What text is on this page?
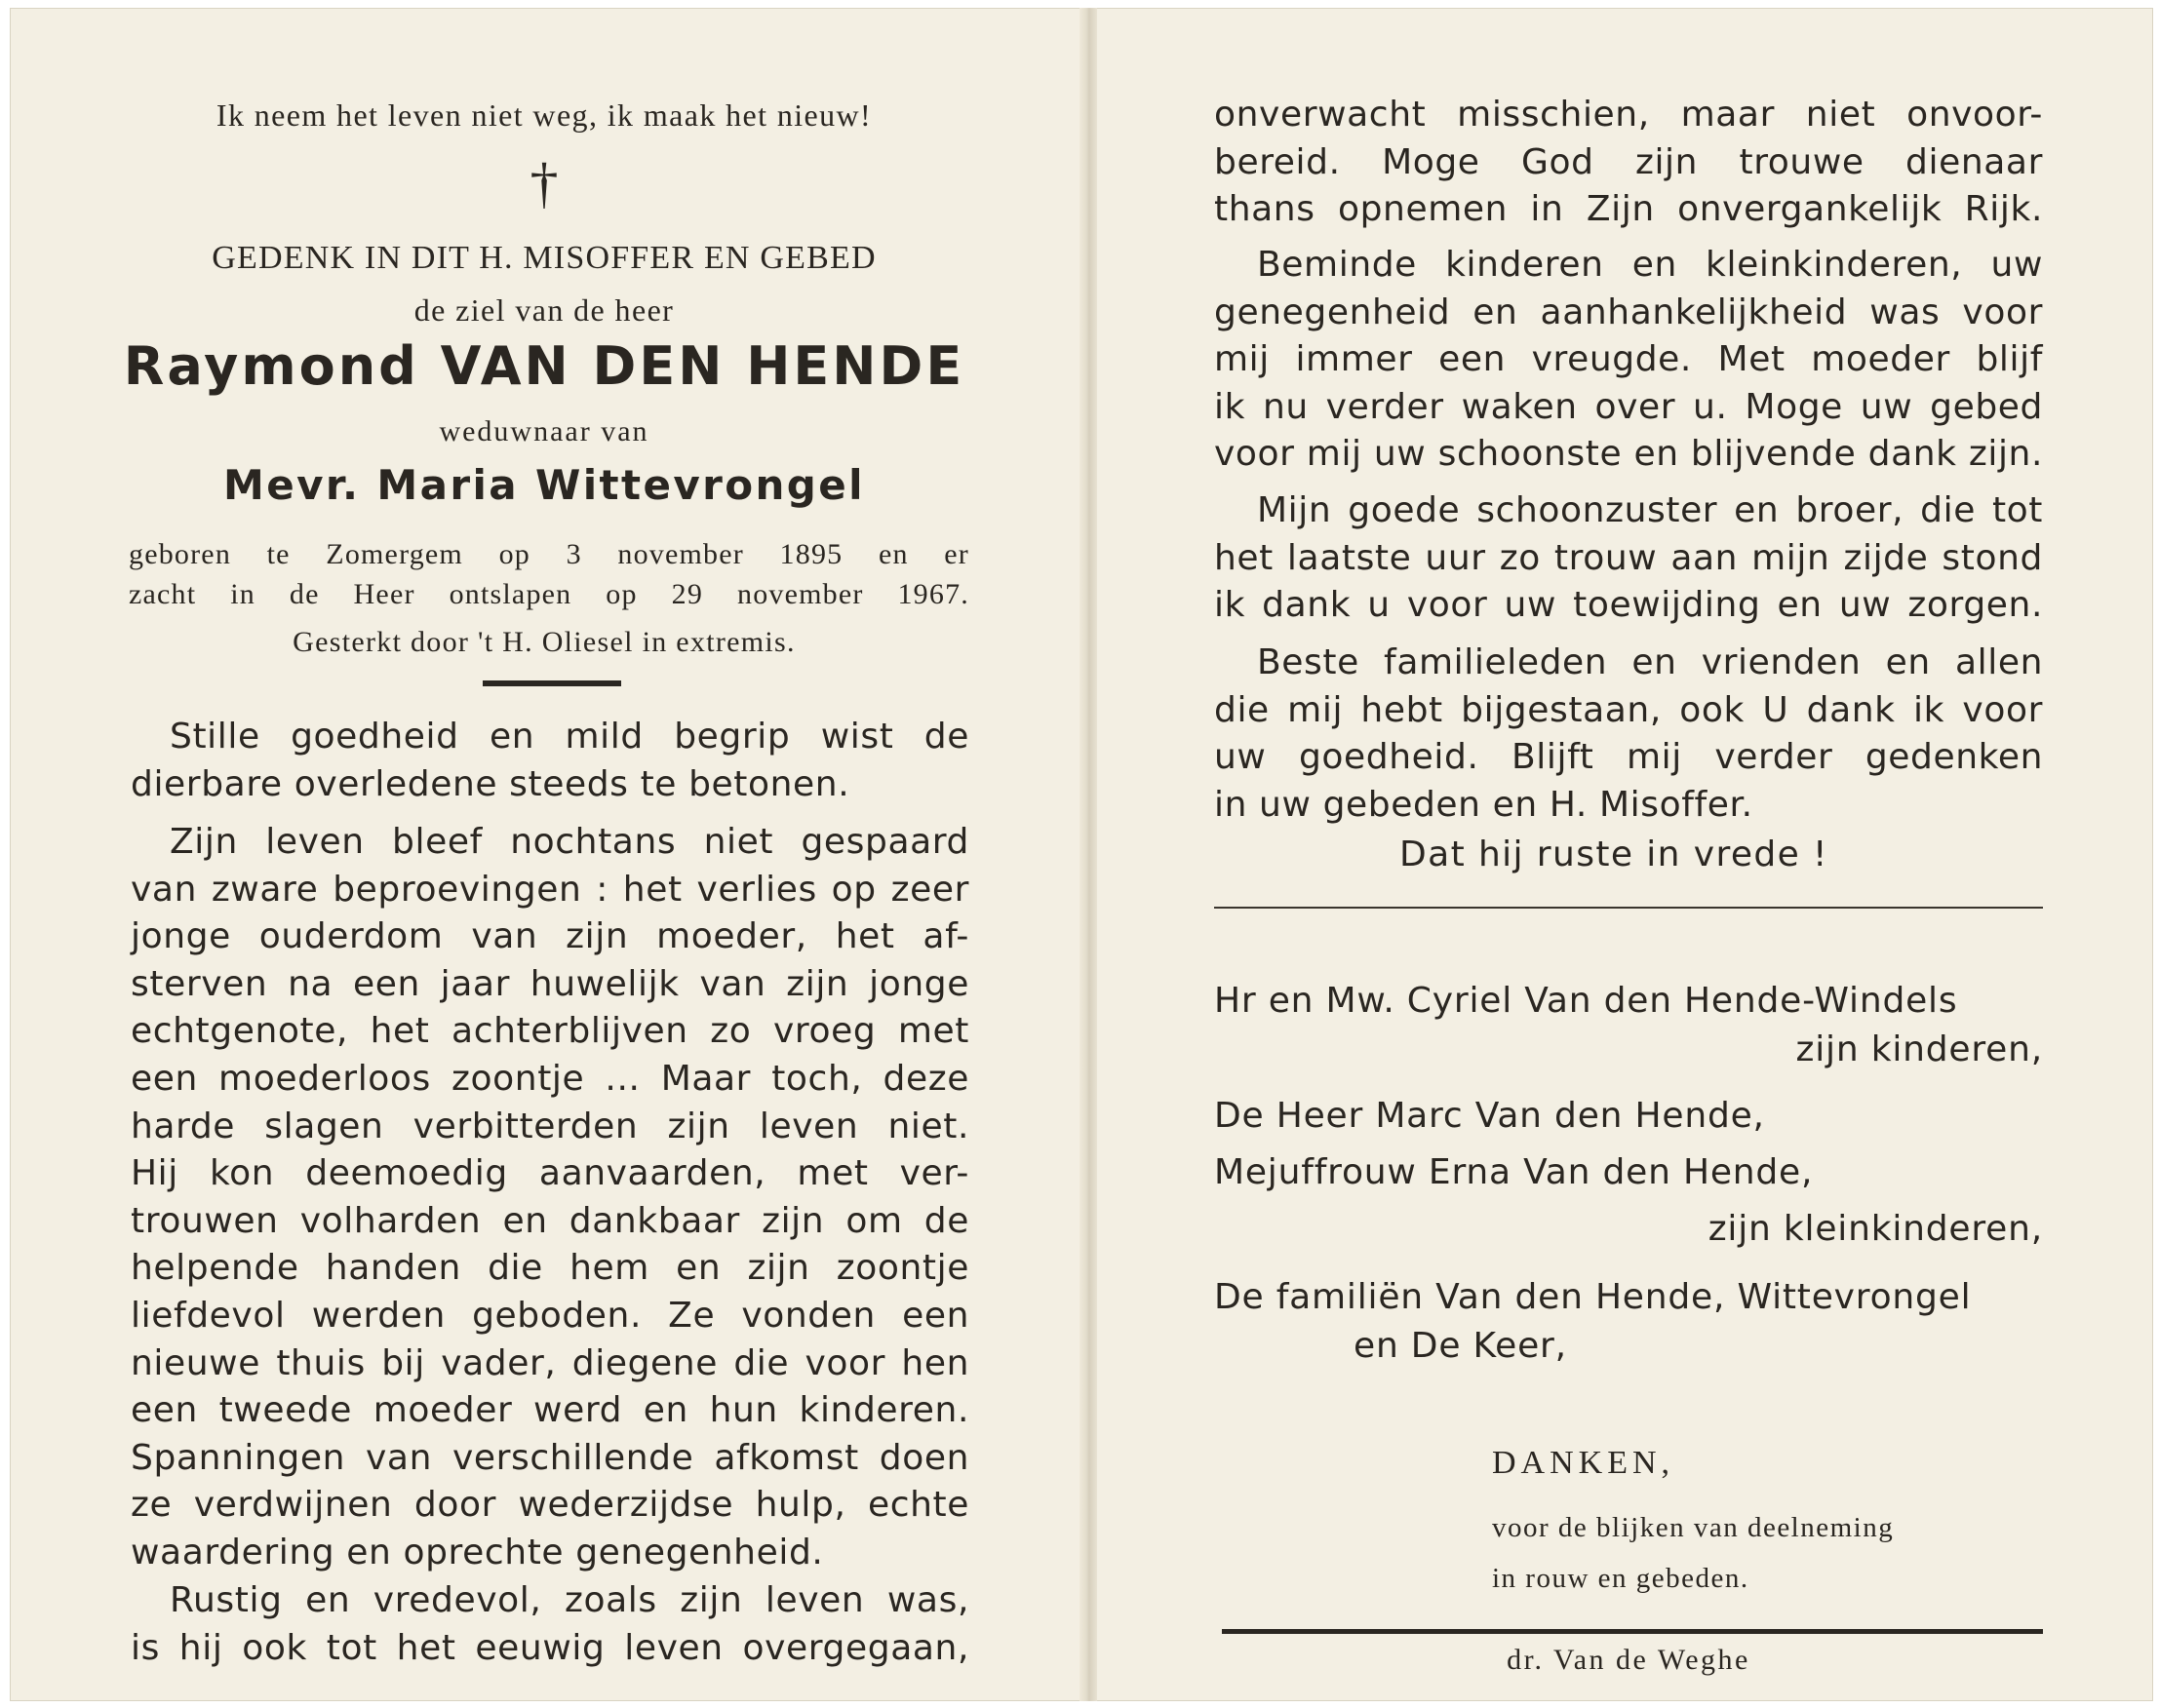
Ik neem het leven niet weg, ik maak het nieuw!
†
GEDENK IN DIT H. MISOFFER EN GEBED
de ziel van de heer
Raymond VAN DEN HENDE
weduwnaar van
Mevr. Maria Wittevrongel
geboren te Zomergem op 3 november 1895 en er
zacht in de Heer ontslapen op 29 november 1967.
Gesterkt door 't H. Oliesel in extremis.
Stille goedheid en mild begrip wist de
dierbare overledene steeds te betonen.
Zijn leven bleef nochtans niet gespaard
van zware beproevingen : het verlies op zeer
jonge ouderdom van zijn moeder, het af-
sterven na een jaar huwelijk van zijn jonge
echtgenote, het achterblijven zo vroeg met
een moederloos zoontje ... Maar toch, deze
harde slagen verbitterden zijn leven niet.
Hij kon deemoedig aanvaarden, met ver-
trouwen volharden en dankbaar zijn om de
helpende handen die hem en zijn zoontje
liefdevol werden geboden. Ze vonden een
nieuwe thuis bij vader, diegene die voor hen
een tweede moeder werd en hun kinderen.
Spanningen van verschillende afkomst doen
ze verdwijnen door wederzijdse hulp, echte
waardering en oprechte genegenheid.
Rustig en vredevol, zoals zijn leven was,
is hij ook tot het eeuwig leven overgegaan,
onverwacht misschien, maar niet onvoor-
bereid. Moge God zijn trouwe dienaar
thans opnemen in Zijn onvergankelijk Rijk.
Beminde kinderen en kleinkinderen, uw
genegenheid en aanhankelijkheid was voor
mij immer een vreugde. Met moeder blijf
ik nu verder waken over u. Moge uw gebed
voor mij uw schoonste en blijvende dank zijn.
Mijn goede schoonzuster en broer, die tot
het laatste uur zo trouw aan mijn zijde stond
ik dank u voor uw toewijding en uw zorgen.
Beste familieleden en vrienden en allen
die mij hebt bijgestaan, ook U dank ik voor
uw goedheid. Blijft mij verder gedenken
in uw gebeden en H. Misoffer.
Dat hij ruste in vrede !
Hr en Mw. Cyriel Van den Hende-Windels
zijn kinderen,
De Heer Marc Van den Hende,
Mejuffrouw Erna Van den Hende,
zijn kleinkinderen,
De familiën Van den Hende, Wittevrongel
en De Keer,
DANKEN,
voor de blijken van deelneming
in rouw en gebeden.
dr. Van de Weghe
